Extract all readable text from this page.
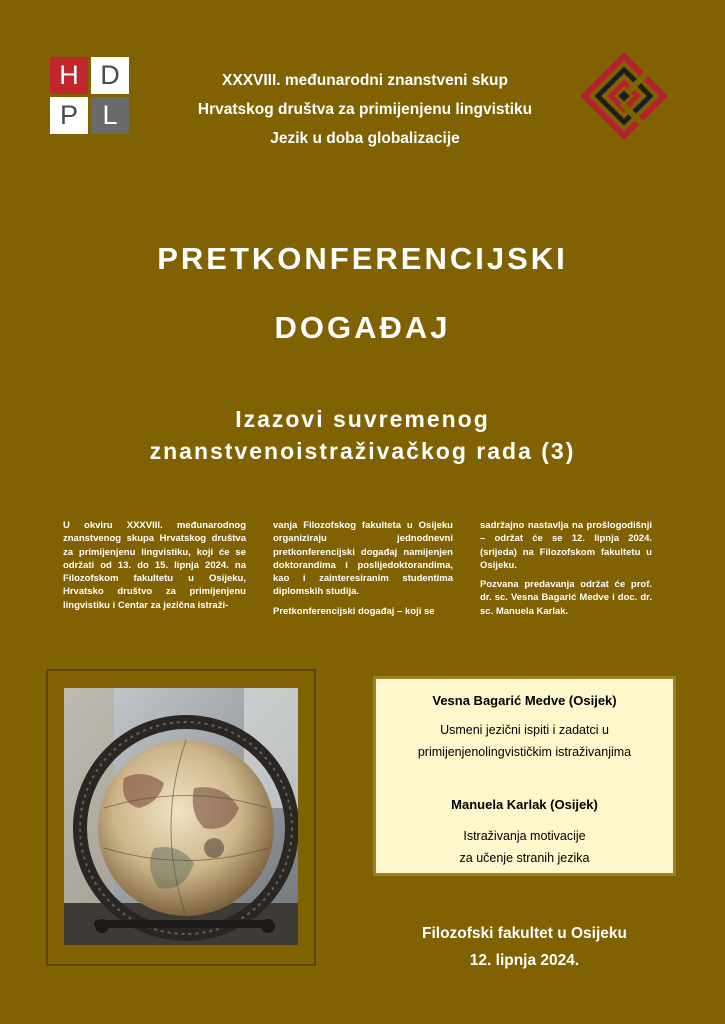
H D
P L
XXXVIII. međunarodni znanstveni skup
Hrvatskog društva za primijenjenu lingvistiku
Jezik u doba globalizacije
PRETKONFERENCIJSKI
DOGAĐAJ
Izazovi suvremenog
znanstvenoistraživačkog rada (3)

U okviru XXXVIII. međunarodnog znanstvenog skupa Hrvatskog društva za primijenjenu lingvistiku, koji će se održati od 13. do 15. lipnja 2024. na Filozofskom fakultetu u Osijeku, Hrvatsko društvo za primijenjenu lingvistiku i Centar za jezična istraži-

vanja Filozofskog fakulteta u Osijeku organiziraju jednodnevni pretkonferencijski događaj namijenjen doktorandima i poslijedoktorandima, kao i zainteresiranim studentima diplomskih studija.

Pretkonferencijski događaj – koji se

sadržajno nastavlja na prošlogodišnji – održat će se 12. lipnja 2024. (srijeda) na Filozofskom fakultetu u Osijeku.

Pozvana predavanja održat će prof. dr. sc. Vesna Bagarić Medve i doc. dr. sc. Manuela Karlak.

Vesna Bagarić Medve (Osijek)
Usmeni jezični ispiti i zadatci u
primijenjenolingvističkim istraživanjima
Manuela Karlak (Osijek)
Istraživanja motivacije
za učenje stranih jezika
Filozofski fakultet u Osijeku
12. lipnja 2024.
